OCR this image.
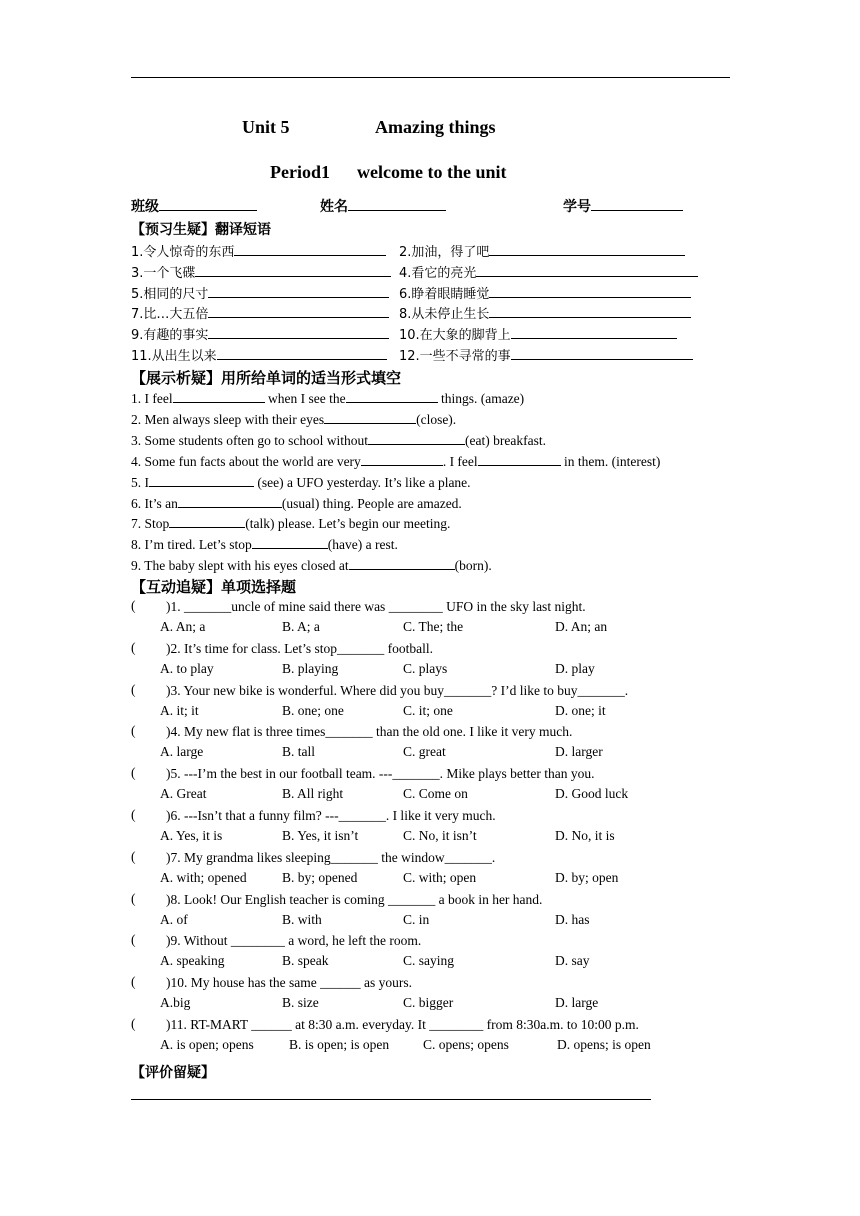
Unit 5	Amazing things
Period1 welcome to the unit
班级	姓名	学号
【预习生疑】翻译短语
1.令人惊奇的东西	2.加油，得了吧
3.一个飞碟	4.看它的亮光
5.相同的尺寸	6.睁着眼睛睡觉
7.比…大五倍	8.从未停止生长
9.有趣的事实	10.在大象的脚背上
11.从出生以来	12.一些不寻常的事
【展示析疑】用所给单词的适当形式填空
1. I feel	when I see the	things. (amaze)
2. Men always sleep with their eyes	(close).
3. Some students often go to school without	(eat) breakfast.
4. Some fun facts about the world are very	. I feel	in them. (interest)
5. I	(see) a UFO yesterday. It’s like a plane.
6. It’s an	(usual) thing. People are amazed.
7. Stop	(talk) please. Let’s begin our meeting.
8. I’m tired. Let’s stop	(have) a rest.
9. The baby slept with his eyes closed at	(born).
【互动追疑】单项选择题
( )1. _______uncle of mine said there was ________ UFO in the sky last night.
A. An; a	B. A; a	C. The; the	D. An; an
( )2. It’s time for class. Let’s stop_______ football.
A. to play	B. playing	C. plays	D. play
( )3. Your new bike is wonderful. Where did you buy_______? I’d like to buy_______.
A. it; it	B. one; one	C. it; one	D. one; it
( )4. My new flat is three times_______ than the old one. I like it very much.
A. large	B. tall	C. great	D. larger
( )5. ---I’m the best in our football team. ---_______. Mike plays better than you.
A. Great	B. All right	C. Come on	D. Good luck
( )6. ---Isn’t that a funny film? ---_______. I like it very much.
A. Yes, it is	B. Yes, it isn’t	C. No, it isn’t	D. No, it is
( )7. My grandma likes sleeping_______ the window_______.
A. with; opened	B. by; opened	C. with; open	D. by; open
( )8. Look! Our English teacher is coming _______ a book in her hand.
A. of	B. with	C. in	D. has
( )9. Without ________ a word, he left the room.
A. speaking	B. speak	C. saying	D. say
( )10. My house has the same ______ as yours.
A.big	B. size	C. bigger	D. large
( )11. RT-MART ______ at 8:30 a.m. everyday. It ________ from 8:30a.m. to 10:00 p.m.
A. is open; opens	B. is open; is open	C. opens; opens	D. opens; is open
【评价留疑】
